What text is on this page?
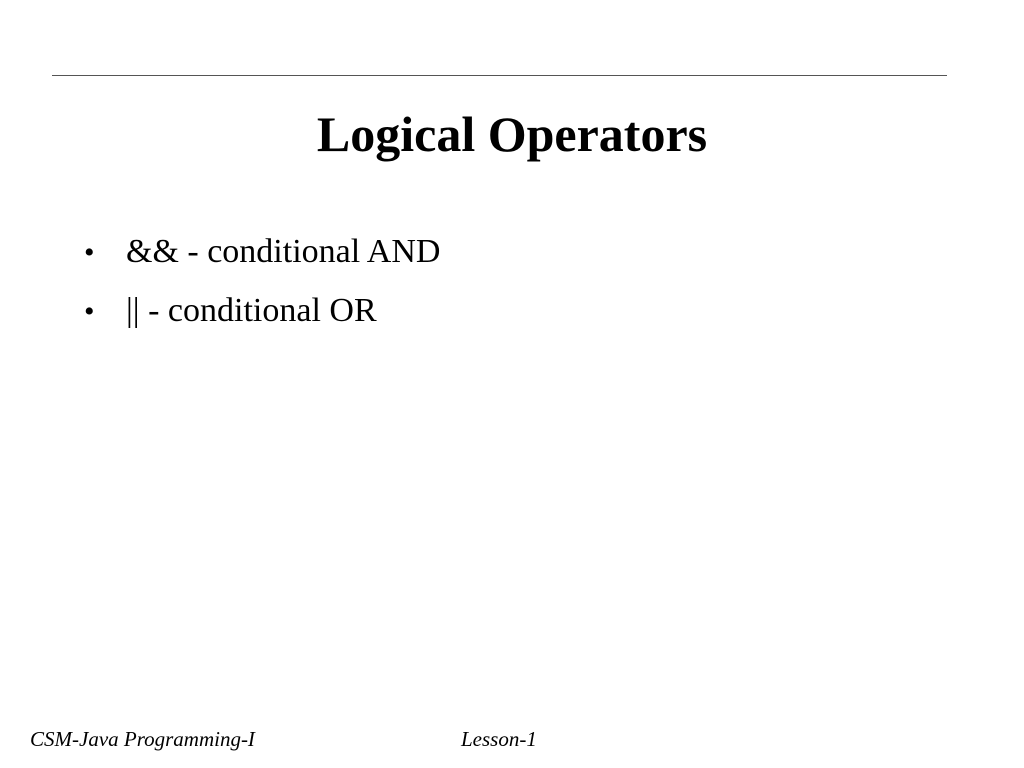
Logical Operators
• && - conditional AND
• || - conditional OR
CSM-Java Programming-I	Lesson-1
